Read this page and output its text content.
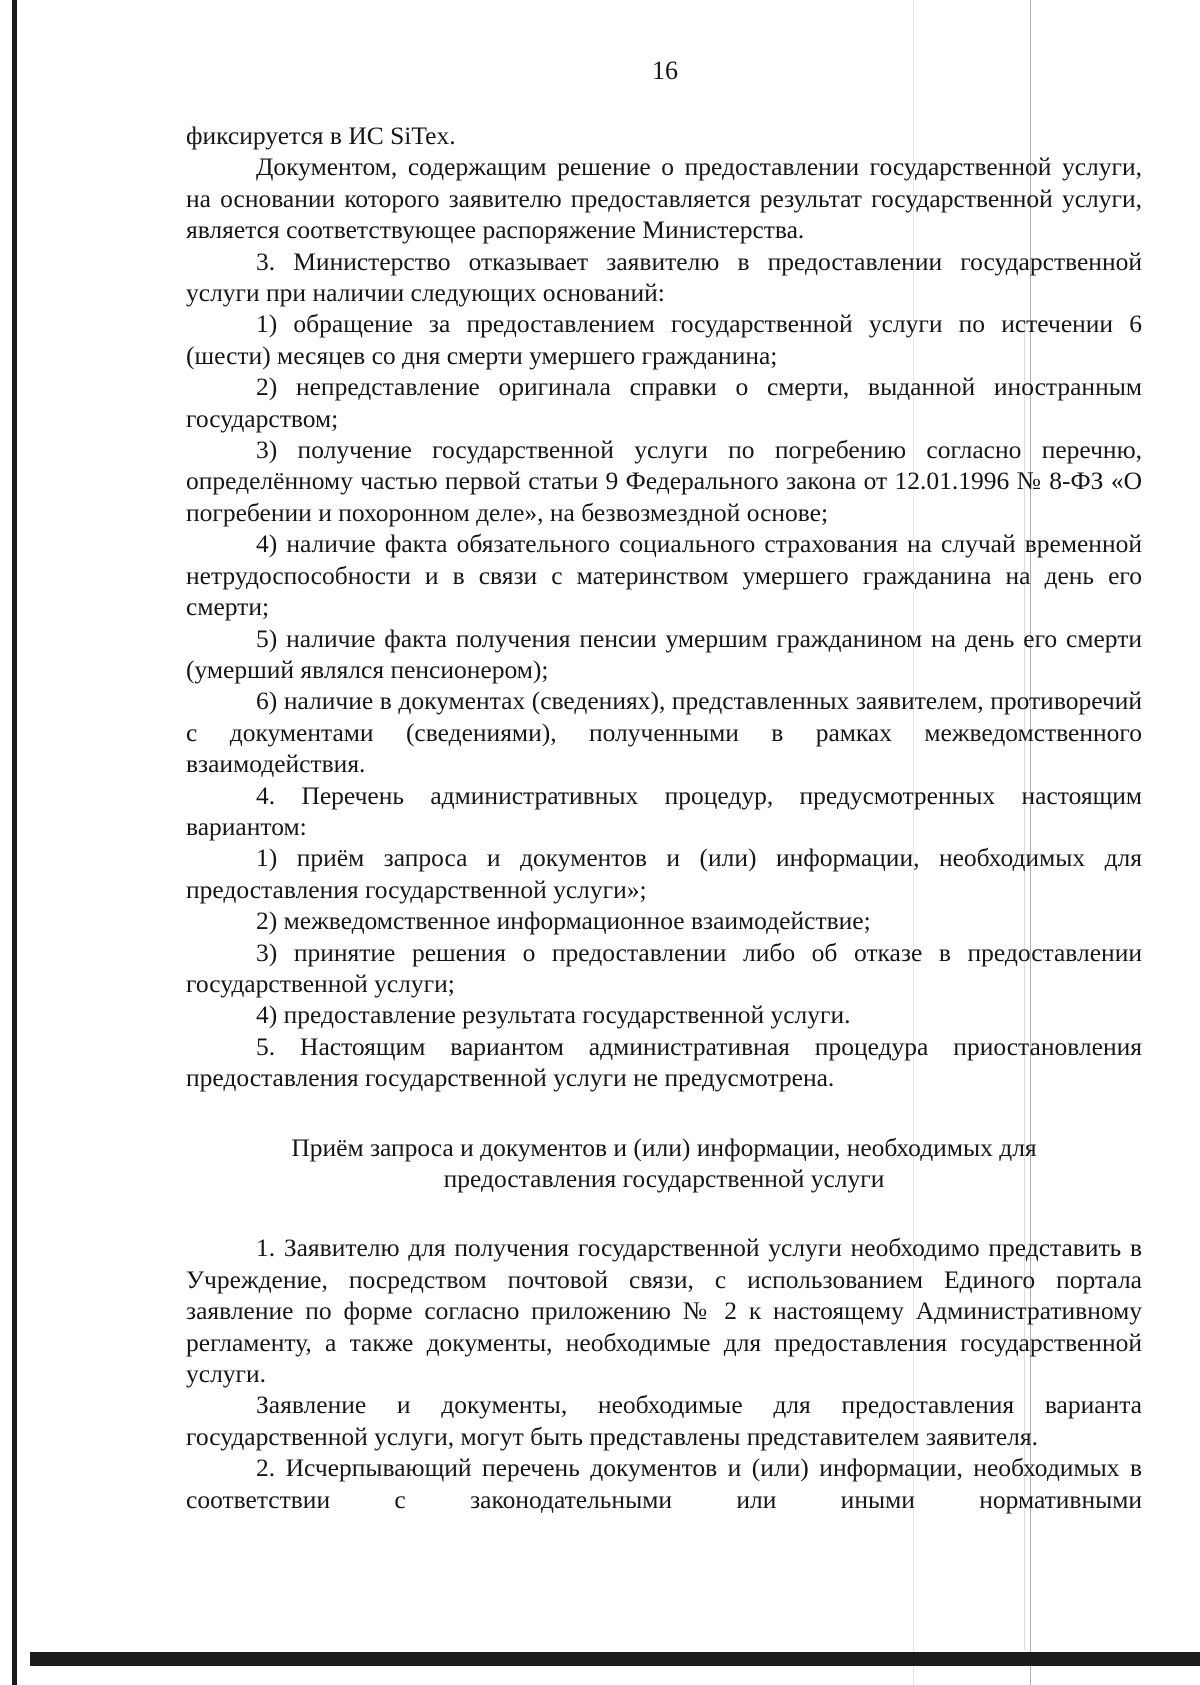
16

фиксируется в ИС SiTex.

Документом, содержащим решение о предоставлении государственной услуги, на основании которого заявителю предоставляется результат государственной услуги, является соответствующее распоряжение Министерства.

3. Министерство отказывает заявителю в предоставлении государственной услуги при наличии следующих оснований:

1) обращение за предоставлением государственной услуги по истечении 6 (шести) месяцев со дня смерти умершего гражданина;

2) непредставление оригинала справки о смерти, выданной иностранным государством;

3) получение государственной услуги по погребению согласно перечню, определённому частью первой статьи 9 Федерального закона от 12.01.1996 № 8-ФЗ «О погребении и похоронном деле», на безвозмездной основе;

4) наличие факта обязательного социального страхования на случай временной нетрудоспособности и в связи с материнством умершего гражданина на день его смерти;

5) наличие факта получения пенсии умершим гражданином на день его смерти (умерший являлся пенсионером);

6) наличие в документах (сведениях), представленных заявителем, противоречий с документами (сведениями), полученными в рамках межведомственного взаимодействия.

4. Перечень административных процедур, предусмотренных настоящим вариантом:

1) приём запроса и документов и (или) информации, необходимых для предоставления государственной услуги»;

2) межведомственное информационное взаимодействие;

3) принятие решения о предоставлении либо об отказе в предоставлении государственной услуги;

4) предоставление результата государственной услуги.

5. Настоящим вариантом административная процедура приостановления предоставления государственной услуги не предусмотрена.

Приём запроса и документов и (или) информации, необходимых для
предоставления государственной услуги

1. Заявителю для получения государственной услуги необходимо представить в Учреждение, посредством почтовой связи, с использованием Единого портала заявление по форме согласно приложению № 2 к настоящему Административному регламенту, а также документы, необходимые для предоставления государственной услуги.

Заявление и документы, необходимые для предоставления варианта государственной услуги, могут быть представлены представителем заявителя.

2. Исчерпывающий перечень документов и (или) информации, необходимых в соответствии с законодательными или иными нормативными
